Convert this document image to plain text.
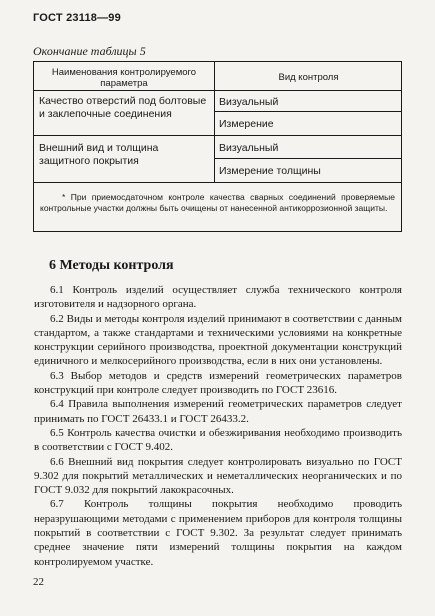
ГОСТ 23118—99
Окончание таблицы 5
Наименования контролируемого параметра
Вид контроля
Качество отверстий под болтовые и заклепочные соединения
Визуальный
Измерение
Внешний вид и толщина защитного покрытия
Визуальный
Измерение толщины
* При приемосдаточном контроле качества сварных соединений проверяемые контрольные участки должны быть очищены от нанесенной антикоррозионной защиты.
6 Методы контроля

6.1 Контроль изделий осуществляет служба технического контроля изготовителя и надзорного органа.

6.2 Виды и методы контроля изделий принимают в соответствии с данным стандартом, а также стандартами и техническими условиями на конкретные конструкции серийного производства, проектной документации конструкций единичного и мелкосерийного производства, если в них они установлены.

6.3 Выбор методов и средств измерений геометрических параметров конструкций при контроле следует производить по ГОСТ 23616.

6.4 Правила выполнения измерений геометрических параметров следует принимать по ГОСТ 26433.1 и ГОСТ 26433.2.

6.5 Контроль качества очистки и обезжиривания необходимо производить в соответствии с ГОСТ 9.402.

6.6 Внешний вид покрытия следует контролировать визуально по ГОСТ 9.302 для покрытий металлических и неметаллических неорганических и по ГОСТ 9.032 для покрытий лакокрасочных.

6.7 Контроль толщины покрытия необходимо проводить неразрушающими методами с применением приборов для контроля толщины покрытий в соответствии с ГОСТ 9.302. За результат следует принимать среднее значение пяти измерений толщины покрытия на каждом контролируемом участке.

22
